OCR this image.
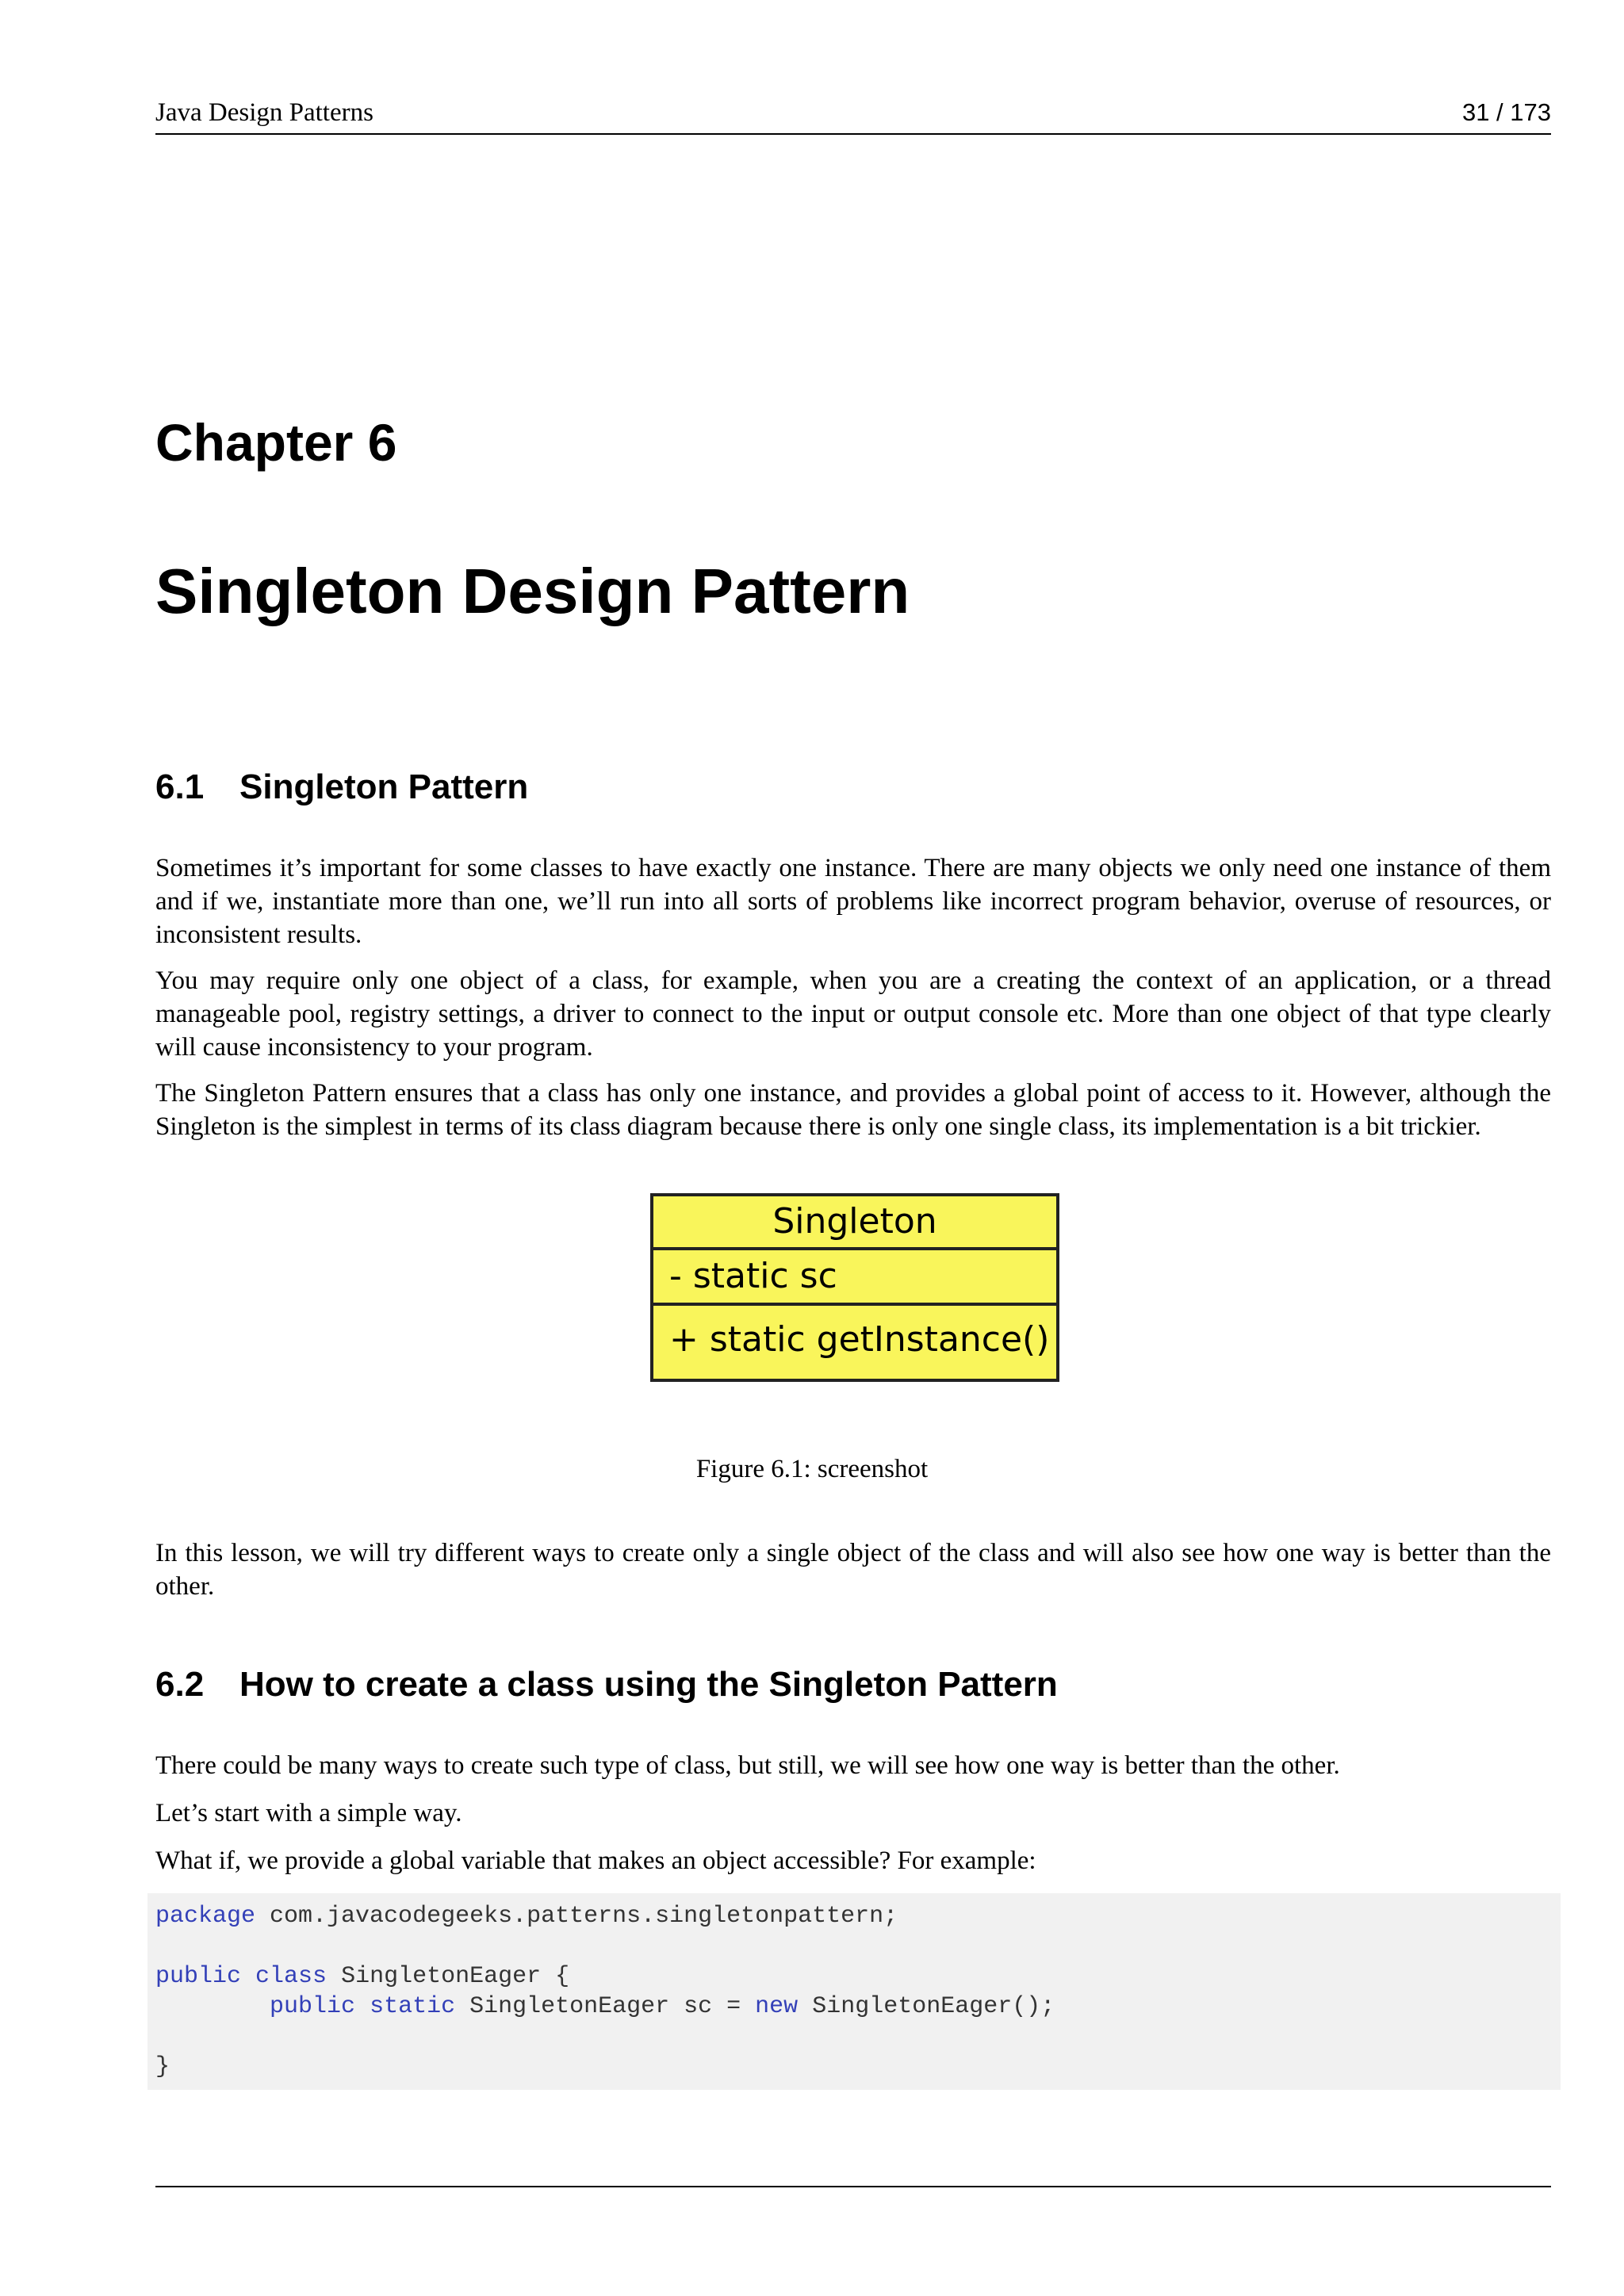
Java Design Patterns	31 / 173
Chapter 6
Singleton Design Pattern
6.1 Singleton Pattern
Sometimes it’s important for some classes to have exactly one instance. There are many objects we only need one instance of them and if we, instantiate more than one, we’ll run into all sorts of problems like incorrect program behavior, overuse of resources, or inconsistent results.
You may require only one object of a class, for example, when you are a creating the context of an application, or a thread manageable pool, registry settings, a driver to connect to the input or output console etc. More than one object of that type clearly will cause inconsistency to your program.
The Singleton Pattern ensures that a class has only one instance, and provides a global point of access to it. However, although the Singleton is the simplest in terms of its class diagram because there is only one single class, its implementation is a bit trickier.
Singleton
- static sc
+ static getInstance()
Figure 6.1: screenshot
In this lesson, we will try different ways to create only a single object of the class and will also see how one way is better than the other.
6.2 How to create a class using the Singleton Pattern
There could be many ways to create such type of class, but still, we will see how one way is better than the other.
Let’s start with a simple way.
What if, we provide a global variable that makes an object accessible? For example:
package com.javacodegeeks.patterns.singletonpattern;
public class SingletonEager {
public static SingletonEager sc = new SingletonEager();
}
